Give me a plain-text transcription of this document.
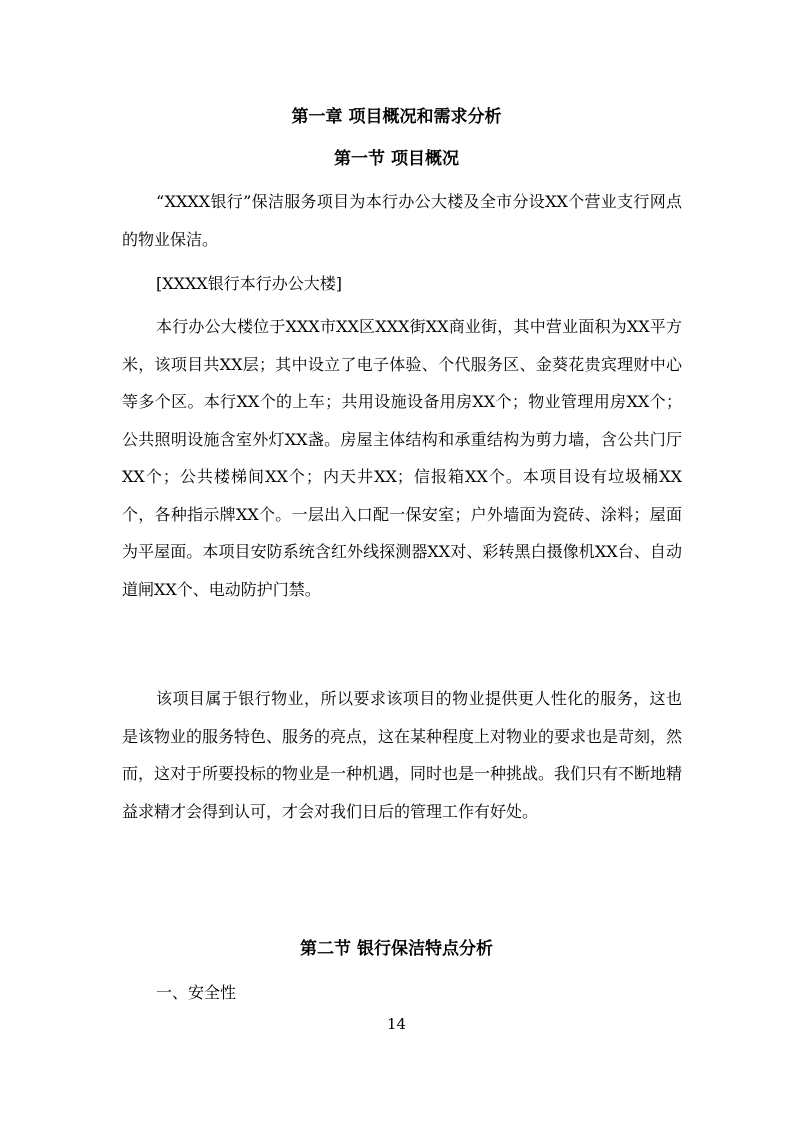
第一章 项目概况和需求分析
第一节 项目概况
“XXXX银行”保洁服务项目为本行办公大楼及全市分设XX个营业支行网点的物业保洁。
[XXXX银行本行办公大楼]
本行办公大楼位于XXX市XX区XXX街XX商业街，其中营业面积为XX平方米，该项目共XX层；其中设立了电子体验、个代服务区、金葵花贵宾理财中心等多个区。本行XX个的上车；共用设施设备用房XX个；物业管理用房XX个；公共照明设施含室外灯XX盏。房屋主体结构和承重结构为剪力墙，含公共门厅XX个；公共楼梯间XX个；内天井XX；信报箱XX个。本项目设有垃圾桶XX个，各种指示牌XX个。一层出入口配一保安室；户外墙面为瓷砖、涂料；屋面为平屋面。本项目安防系统含红外线探测器XX对、彩转黑白摄像机XX台、自动道闸XX个、电动防护门禁。
该项目属于银行物业，所以要求该项目的物业提供更人性化的服务，这也是该物业的服务特色、服务的亮点，这在某种程度上对物业的要求也是苛刻，然而，这对于所要投标的物业是一种机遇，同时也是一种挑战。我们只有不断地精益求精才会得到认可，才会对我们日后的管理工作有好处。
第二节 银行保洁特点分析
一、安全性
14
